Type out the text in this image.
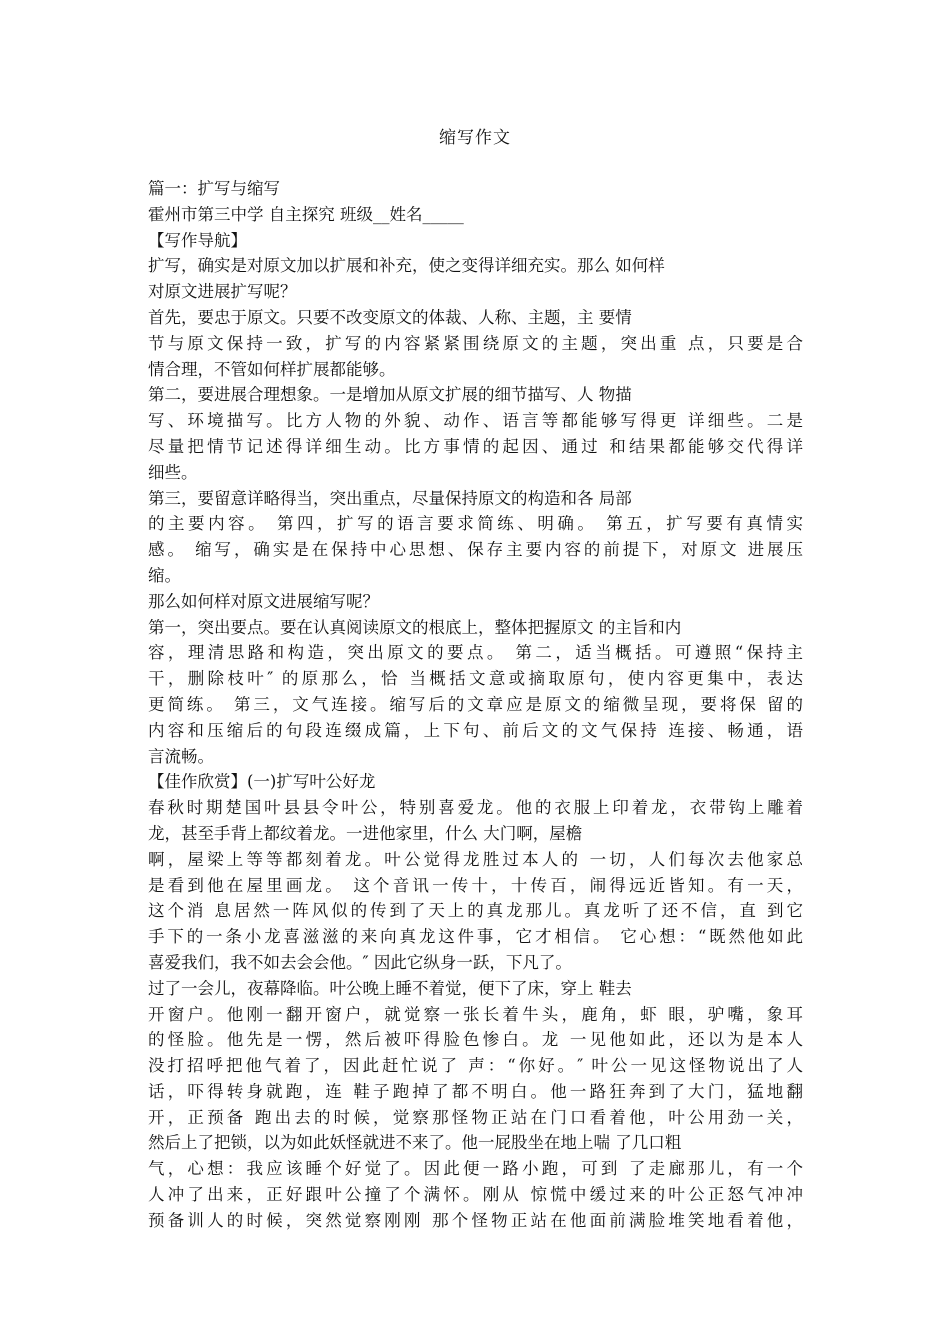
缩写作文
篇一：扩写与缩写
霍州市第三中学 自主探究 班级__姓名_____
【写作导航】
扩写，确实是对原文加以扩展和补充，使之变得详细充实。那么 如何样
对原文进展扩写呢？
首先，要忠于原文。只要不改变原文的体裁、人称、主题，主 要情
节与原文保持一致，扩写的内容紧紧围绕原文的主题，突出重 点，只要是合
情合理，不管如何样扩展都能够。
第二，要进展合理想象。一是增加从原文扩展的细节描写、人 物描
写、环境描写。比方人物的外貌、动作、语言等都能够写得更 详细些。二是
尽量把情节记述得详细生动。比方事情的起因、通过 和结果都能够交代得详
细些。
第三，要留意详略得当，突出重点，尽量保持原文的构造和各 局部
的主要内容。 第四，扩写的语言要求简练、明确。 第五，扩写要有真情实
感。 缩写，确实是在保持中心思想、保存主要内容的前提下，对原文 进展压
缩。
那么如何样对原文进展缩写呢？
第一，突出要点。要在认真阅读原文的根底上，整体把握原文 的主旨和内
容，理清思路和构造，突出原文的要点。 第二，适当概括。可遵照“保持主
干，删除枝叶″ 的原那么，恰 当概括文意或摘取原句，使内容更集中，表达
更简练。 第三，文气连接。缩写后的文章应是原文的缩微呈现，要将保 留的
内容和压缩后的句段连缀成篇，上下句、前后文的文气保持 连接、畅通，语
言流畅。
【佳作欣赏】(一)扩写叶公好龙
春秋时期楚国叶县县令叶公，特别喜爱龙。他的衣服上印着龙，衣带钩上雕着
龙，甚至手背上都纹着龙。一进他家里，什么 大门啊，屋檐
啊，屋梁上等等都刻着龙。叶公觉得龙胜过本人的 一切，人们每次去他家总
是看到他在屋里画龙。 这个音讯一传十，十传百，闹得远近皆知。有一天，
这个消 息居然一阵风似的传到了天上的真龙那儿。真龙听了还不信，直 到它
手下的一条小龙喜滋滋的来向真龙这件事，它才相信。 它心想：“既然他如此
喜爱我们，我不如去会会他。″ 因此它纵身一跃，下凡了。
过了一会儿，夜幕降临。叶公晚上睡不着觉，便下了床，穿上 鞋去
开窗户。他刚一翻开窗户，就觉察一张长着牛头，鹿角，虾 眼，驴嘴，象耳
的怪脸。他先是一愣，然后被吓得脸色惨白。龙 一见他如此，还以为是本人
没打招呼把他气着了，因此赶忙说了 声：“你好。″ 叶公一见这怪物说出了人
话，吓得转身就跑，连 鞋子跑掉了都不明白。他一路狂奔到了大门，猛地翻
开，正预备 跑出去的时候，觉察那怪物正站在门口看着他，叶公用劲一关，
然后上了把锁，以为如此妖怪就进不来了。他一屁股坐在地上喘 了几口粗
气，心想：我应该睡个好觉了。因此便一路小跑，可到 了走廊那儿，有一个
人冲了出来，正好跟叶公撞了个满怀。刚从 惊慌中缓过来的叶公正怒气冲冲
预备训人的时候，突然觉察刚刚 那个怪物正站在他面前满脸堆笑地看着他，
